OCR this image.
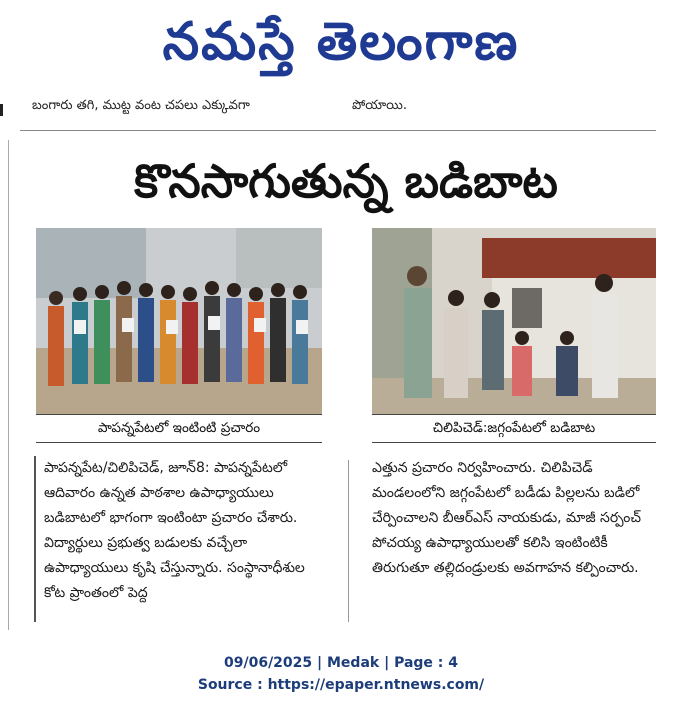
నమస్తే తెలంగాణ
బంగారు తగి, ముట్ట వంట చపలు ఎక్కువగా	పోయాయి.
కొనసాగుతున్న బడిబాట
పాపన్నపేటలో ఇంటింటి ప్రచారం	చిలిపిచెడ్:జగ్గంపేటలో బడిబాట
పాపన్నపేట/చిలిపిచెడ్, జూన్8: పాపన్నపేటలో ఆదివారం ఉన్నత పాఠశాల ఉపాధ్యాయులు బడిబాటలో భాగంగా ఇంటింటా ప్రచారం చేశారు. విద్యార్థులు ప్రభుత్వ బడులకు వచ్చేలా ఉపాధ్యాయులు కృషి చేస్తున్నారు. సంస్థానాధీశుల కోట ప్రాంతంలో పెద్ద
ఎత్తున ప్రచారం నిర్వహించారు. చిలిపిచెడ్ మండలంలోని జగ్గంపేటలో బడీడు పిల్లలను బడిలో చేర్పించాలని బీఆర్ఎస్ నాయకుడు, మాజీ సర్పంచ్ పోచయ్య ఉపాధ్యాయులతో కలిసి ఇంటింటికీ తిరుగుతూ తల్లిదండ్రులకు అవగాహన కల్పించారు.
09/06/2025 | Medak | Page : 4
Source : https://epaper.ntnews.com/
